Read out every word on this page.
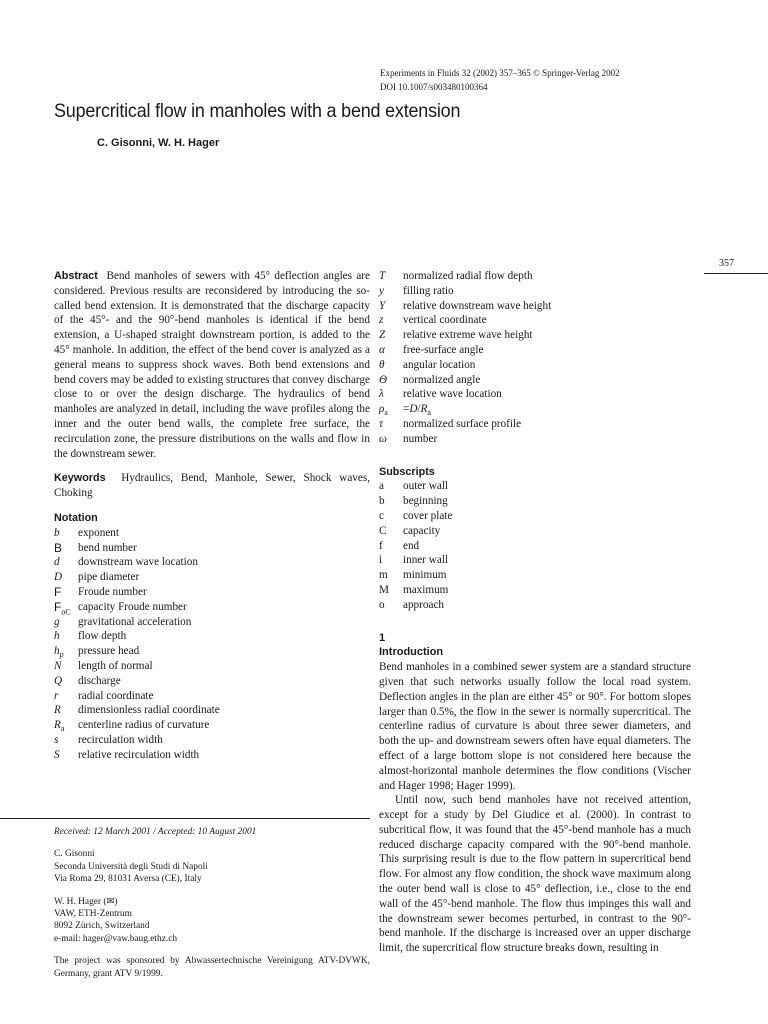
Experiments in Fluids 32 (2002) 357–365 © Springer-Verlag 2002
DOI 10.1007/s003480100364
Supercritical flow in manholes with a bend extension
C. Gisonni, W. H. Hager
357

Abstract Bend manholes of sewers with 45° deflection angles are considered. Previous results are reconsidered by introducing the so-called bend extension. It is demonstrated that the discharge capacity of the 45°- and the 90°-bend manholes is identical if the bend extension, a U-shaped straight downstream portion, is added to the 45° manhole. In addition, the effect of the bend cover is analyzed as a general means to suppress shock waves. Both bend extensions and bend covers may be added to existing structures that convey discharge close to or over the design discharge. The hydraulics of bend manholes are analyzed in detail, including the wave profiles along the inner and the outer bend walls, the complete free surface, the recirculation zone, the pressure distributions on the walls and flow in the downstream sewer.

Keywords Hydraulics, Bend, Manhole, Sewer, Shock waves, Choking

Notation
b	exponent
B	bend number
d	downstream wave location
D	pipe diameter
F	Froude number
$F_{oC}$ capacity Froude number
g	gravitational acceleration
h	flow depth
$h_p$	pressure head
N	length of normal
Q	discharge
r	radial coordinate
R	dimensionless radial coordinate
$R_a$	centerline radius of curvature
s	recirculation width
S	relative recirculation width

Received: 12 March 2001 / Accepted: 10 August 2001

C. Gisonni

Seconda Università degli Studi di Napoli

Via Roma 29, 81031 Aversa (CE), Italy

W. H. Hager (✉)

VAW, ETH-Zentrum

8092 Zürich, Switzerland

e-mail: hager@vaw.baug.ethz.ch

The project was sponsored by Abwassertechnische Vereinigung ATV-DVWK, Germany, grant ATV 9/1999.

T	normalized radial flow depth
y	filling ratio
Y	relative downstream wave height
z	vertical coordinate
Z	relative extreme wave height
α	free-surface angle
θ	angular location
Θ	normalized angle
λ	relative wave location
$\rho_a$	$=D/R_a$
τ	normalized surface profile
ω	number
Subscripts
a	outer wall
b	beginning
c	cover plate
C	capacity
f	end
i	inner wall
m	minimum
M	maximum
o	approach
1
Introduction

Bend manholes in a combined sewer system are a standard structure given that such networks usually follow the local road system. Deflection angles in the plan are either 45° or 90°. For bottom slopes larger than 0.5%, the flow in the sewer is normally supercritical. The centerline radius of curvature is about three sewer diameters, and both the up- and downstream sewers often have equal diameters. The effect of a large bottom slope is not considered here because the almost-horizontal manhole determines the flow conditions (Vischer and Hager 1998; Hager 1999).

Until now, such bend manholes have not received attention, except for a study by Del Giudice et al. (2000). In contrast to subcritical flow, it was found that the 45°-bend manhole has a much reduced discharge capacity compared with the 90°-bend manhole. This surprising result is due to the flow pattern in supercritical bend flow. For almost any flow condition, the shock wave maximum along the outer bend wall is close to 45° deflection, i.e., close to the end wall of the 45°-bend manhole. The flow thus impinges this wall and the downstream sewer becomes perturbed, in contrast to the 90°-bend manhole. If the discharge is increased over an upper discharge limit, the supercritical flow structure breaks down, resulting in
